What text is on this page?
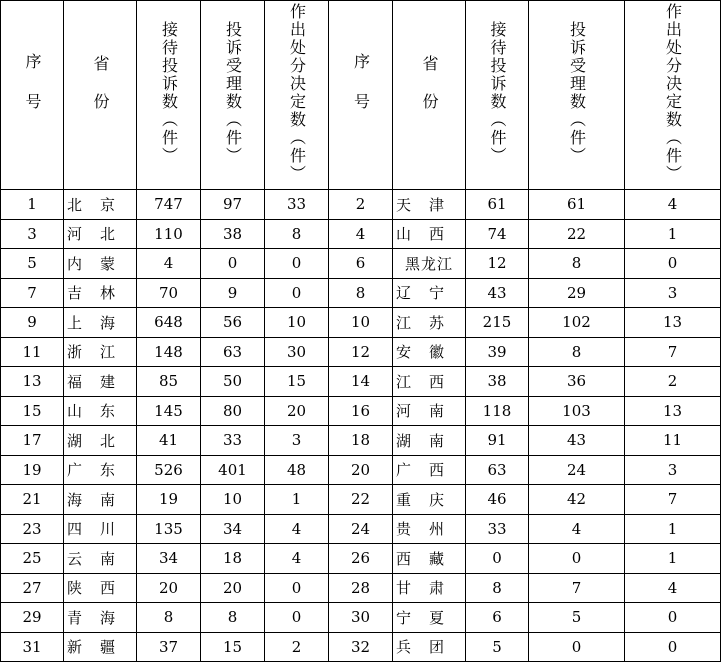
序号	省份	接待投诉数（件）	投诉受理数（件）	作出处分决定数（件）	序号	省份	接待投诉数（件）	投诉受理数（件）	作出处分决定数（件）
1	北京	747	97	33	2	天津	61	61	4
3	河北	110	38	8	4	山西	74	22	1
5	内蒙	4	0	0	6	黑龙江	12	8	0
7	吉林	70	9	0	8	辽宁	43	29	3
9	上海	648	56	10	10	江苏	215	102	13
11	浙江	148	63	30	12	安徽	39	8	7
13	福建	85	50	15	14	江西	38	36	2
15	山东	145	80	20	16	河南	118	103	13
17	湖北	41	33	3	18	湖南	91	43	11
19	广东	526	401	48	20	广西	63	24	3
21	海南	19	10	1	22	重庆	46	42	7
23	四川	135	34	4	24	贵州	33	4	1
25	云南	34	18	4	26	西藏	0	0	1
27	陕西	20	20	0	28	甘肃	8	7	4
29	青海	8	8	0	30	宁夏	6	5	0
31	新疆	37	15	2	32	兵团	5	0	0
